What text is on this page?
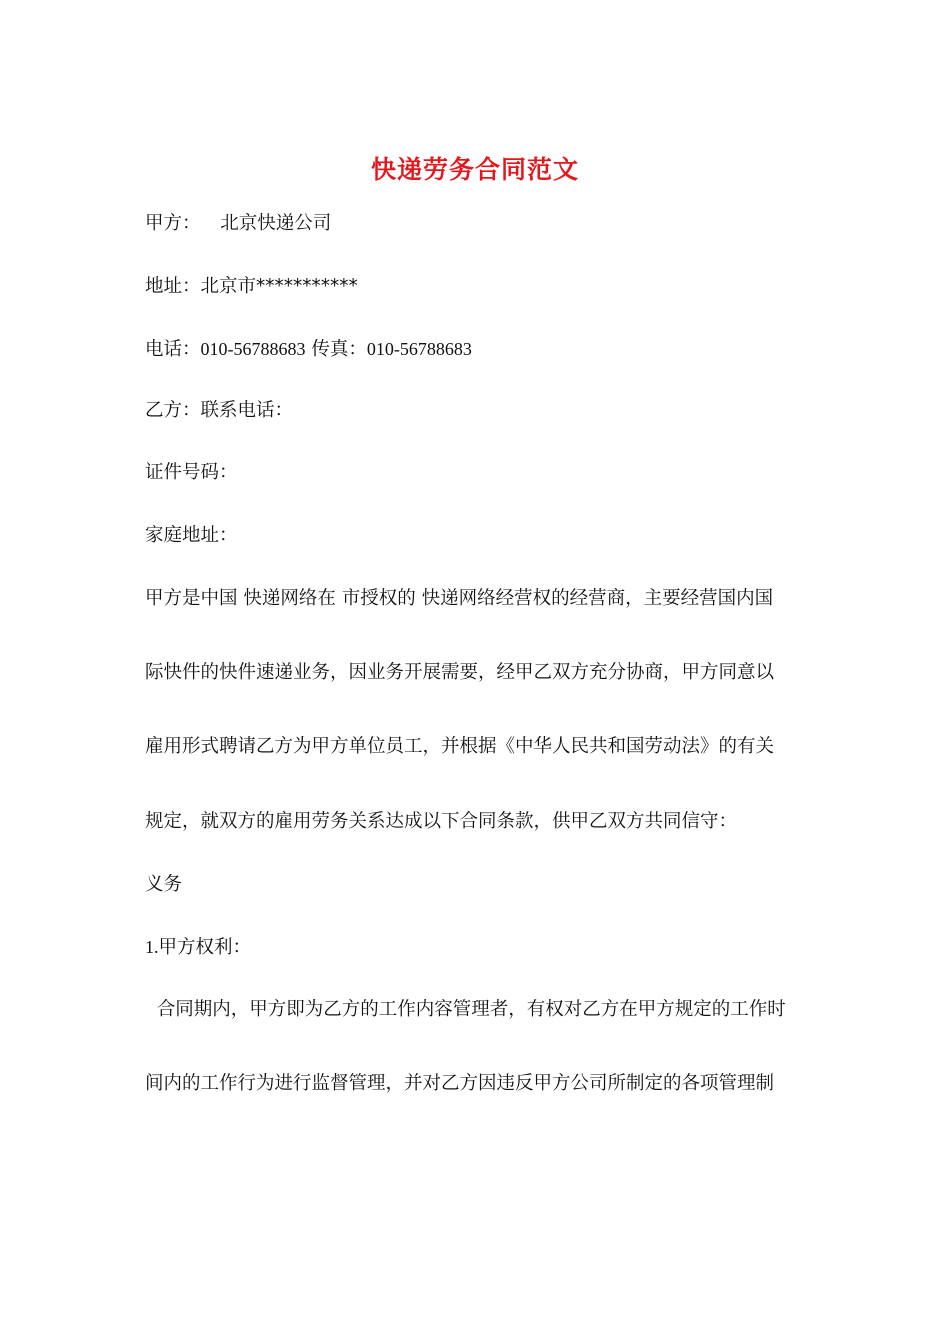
快递劳务合同范文
甲方： 北京快递公司
地址：北京市***********
电话：010-56788683 传真：010-56788683
乙方：联系电话：
证件号码：
家庭地址：
甲方是中国 快递网络在 市授权的 快递网络经营权的经营商，主要经营国内国
际快件的快件速递业务，因业务开展需要，经甲乙双方充分协商，甲方同意以
雇用形式聘请乙方为甲方单位员工，并根据《中华人民共和国劳动法》的有关
规定，就双方的雇用劳务关系达成以下合同条款，供甲乙双方共同信守：
义务
1.甲方权利：
合同期内，甲方即为乙方的工作内容管理者，有权对乙方在甲方规定的工作时
间内的工作行为进行监督管理，并对乙方因违反甲方公司所制定的各项管理制
